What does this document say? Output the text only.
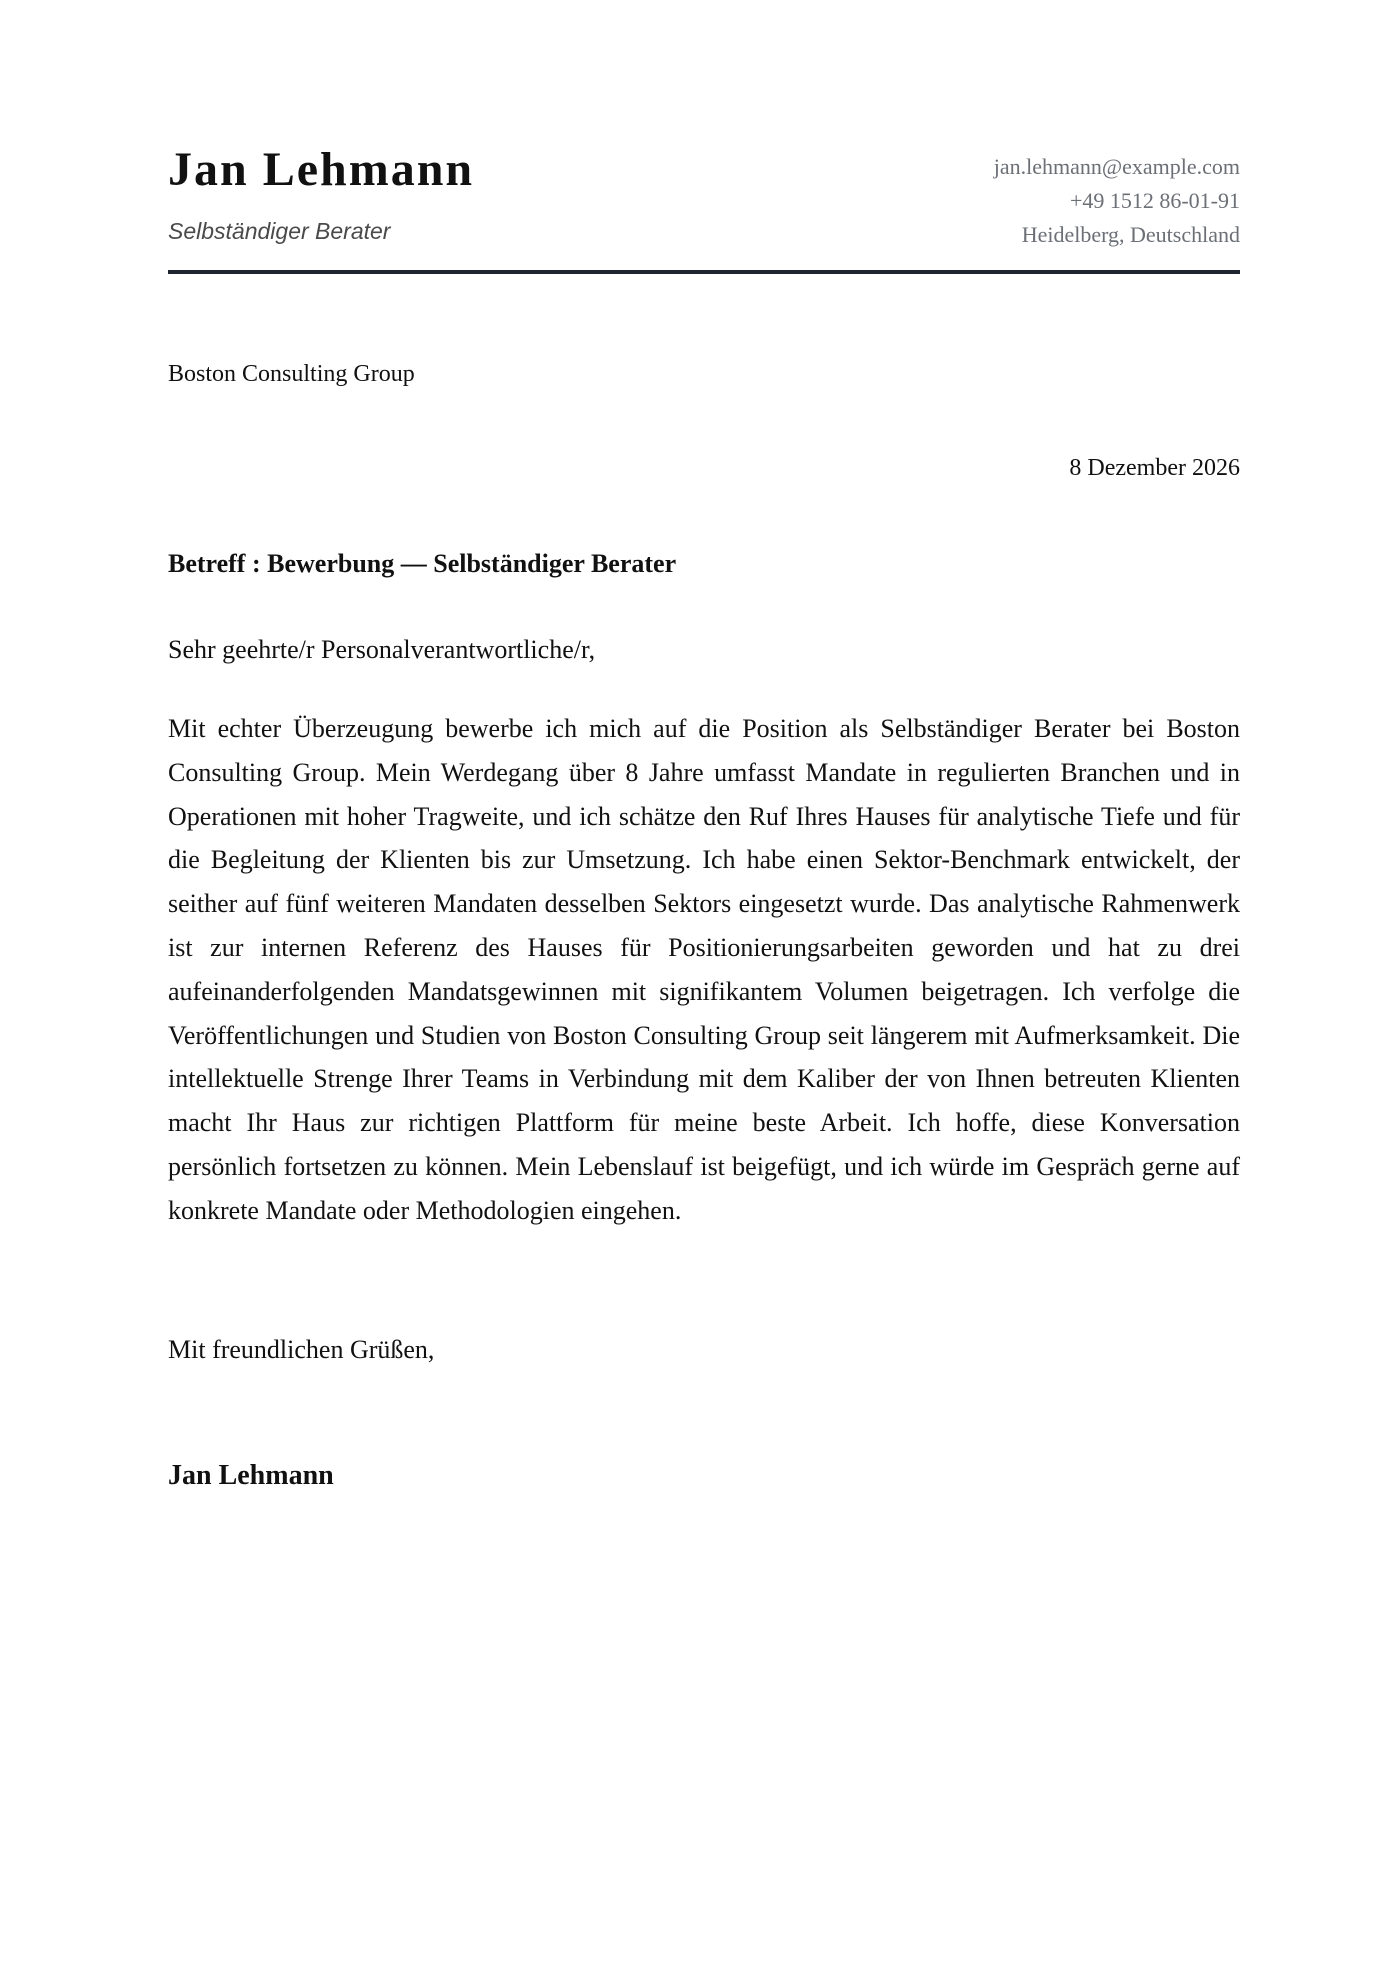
Jan Lehmann
Selbständiger Berater
jan.lehmann@example.com
+49 1512 86-01-91
Heidelberg, Deutschland
Boston Consulting Group
8 Dezember 2026
Betreff : Bewerbung — Selbständiger Berater
Sehr geehrte/r Personalverantwortliche/r,

Mit echter Überzeugung bewerbe ich mich auf die Position als Selbständiger Berater bei Boston Consulting Group. Mein Werdegang über 8 Jahre umfasst Mandate in regulierten Branchen und in Operationen mit hoher Tragweite, und ich schätze den Ruf Ihres Hauses für analytische Tiefe und für die Begleitung der Klienten bis zur Umsetzung. Ich habe einen Sektor-Benchmark entwickelt, der seither auf fünf weiteren Mandaten desselben Sektors eingesetzt wurde. Das analytische Rahmenwerk ist zur internen Referenz des Hauses für Positionierungsarbeiten geworden und hat zu drei aufeinanderfolgenden Mandatsgewinnen mit signifikantem Volumen beigetragen. Ich verfolge die Veröffentlichungen und Studien von Boston Consulting Group seit längerem mit Aufmerksamkeit. Die intellektuelle Strenge Ihrer Teams in Verbindung mit dem Kaliber der von Ihnen betreuten Klienten macht Ihr Haus zur richtigen Plattform für meine beste Arbeit. Ich hoffe, diese Konversation persönlich fortsetzen zu können. Mein Lebenslauf ist beigefügt, und ich würde im Gespräch gerne auf konkrete Mandate oder Methodologien eingehen.

Mit freundlichen Grüßen,
Jan Lehmann
